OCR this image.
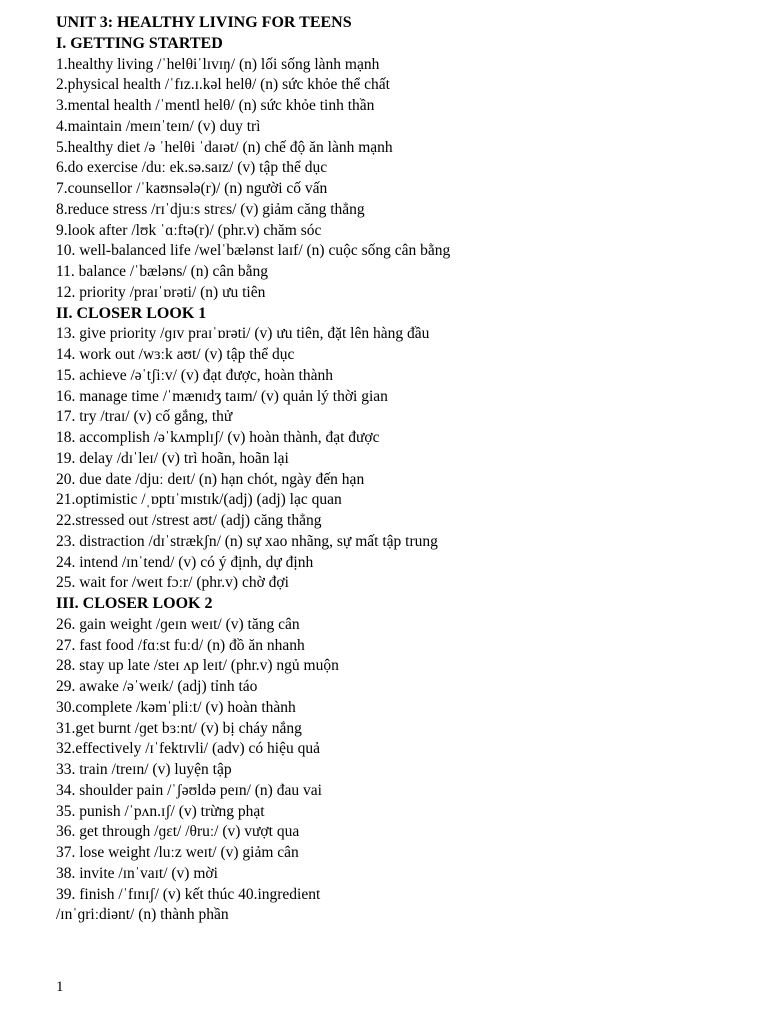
UNIT 3: HEALTHY LIVING FOR TEENS
I. GETTING STARTED
1.healthy living /ˈhelθiˈlɪvɪŋ/ (n) lối sống lành mạnh
2.physical health /ˈfɪz.ɪ.kəl helθ/ (n) sức khỏe thể chất
3.mental health /ˈmentl helθ/ (n) sức khỏe tinh thần
4.maintain /meɪnˈteɪn/ (v) duy trì
5.healthy diet /ə ˈhelθi ˈdaɪət/ (n) chế độ ăn lành mạnh
6.do exercise /duː ek.sə.saɪz/ (v) tập thể dục
7.counsellor /ˈkaʊnsələ(r)/ (n) người cố vấn
8.reduce stress /rɪˈdjuːs strɛs/ (v) giảm căng thẳng
9.look after /lʊk ˈɑːftə(r)/ (phr.v) chăm sóc
10. well-balanced life /welˈbælənst laɪf/ (n) cuộc sống cân bằng
11. balance /ˈbæləns/ (n) cân bằng
12. priority /praɪˈɒrəti/ (n) ưu tiên
II. CLOSER LOOK 1
13. give priority /ɡɪv praɪˈɒrəti/ (v) ưu tiên, đặt lên hàng đầu
14. work out /wɜːk aʊt/ (v) tập thể dục
15. achieve /əˈtʃiːv/ (v) đạt được, hoàn thành
16. manage time /ˈmænɪdʒ taɪm/ (v) quản lý thời gian
17. try /traɪ/ (v) cố gắng, thử
18. accomplish /əˈkʌmplɪʃ/ (v) hoàn thành, đạt được
19. delay /dɪˈleɪ/ (v) trì hoãn, hoãn lại
20. due date /djuː deɪt/ (n) hạn chót, ngày đến hạn
21.optimistic /ˌɒptɪˈmɪstɪk/(adj) (adj) lạc quan
22.stressed out /strest aʊt/ (adj) căng thẳng
23. distraction /dɪˈstrækʃn/ (n) sự xao nhãng, sự mất tập trung
24. intend /ɪnˈtend/ (v) có ý định, dự định
25. wait for /weɪt fɔːr/ (phr.v) chờ đợi
III. CLOSER LOOK 2
26. gain weight /ɡeɪn weɪt/ (v) tăng cân
27. fast food /fɑːst fuːd/ (n) đồ ăn nhanh
28. stay up late /steɪ ʌp leɪt/ (phr.v) ngủ muộn
29. awake /əˈweɪk/ (adj) tỉnh táo
30.complete /kəmˈpliːt/ (v) hoàn thành
31.get burnt /ɡet bɜːnt/ (v) bị cháy nắng
32.effectively /ɪˈfektɪvli/ (adv) có hiệu quả
33. train /treɪn/ (v) luyện tập
34. shoulder pain /ˈʃəʊldə peɪn/ (n) đau vai
35. punish /ˈpʌn.ɪʃ/ (v) trừng phạt
36. get through /ɡɛt/ /θruː/ (v) vượt qua
37. lose weight /luːz weɪt/ (v) giảm cân
38. invite /ɪnˈvaɪt/ (v) mời
39. finish /ˈfɪnɪʃ/ (v) kết thúc 40.ingredient
/ɪnˈɡriːdiənt/ (n) thành phần
1
